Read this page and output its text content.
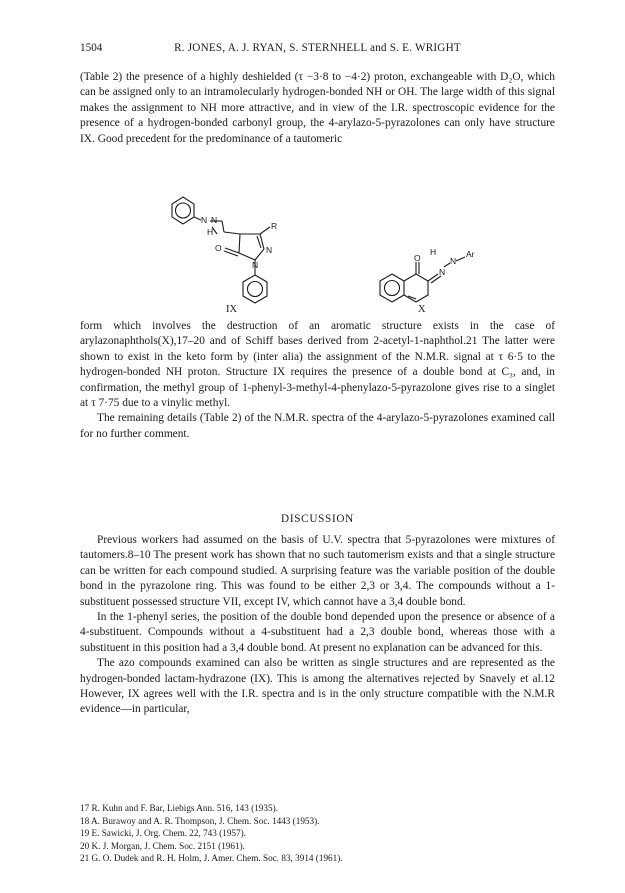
1504	R. JONES, A. J. RYAN, S. STERNHELL and S. E. WRIGHT

(Table 2) the presence of a highly deshielded (τ −3·8 to −4·2) proton, exchangeable with D₂O, which can be assigned only to an intramolecularly hydrogen-bonded NH or OH. The large width of this signal makes the assignment to NH more attractive, and in view of the I.R. spectroscopic evidence for the presence of a hydrogen-bonded carbonyl group, the 4-arylazo-5-pyrazolones can only have structure IX. Good precedent for the predominance of a tautomeric

N N
H
O
R
N
N
IX
O
H
N
Ar
N
X

form which involves the destruction of an aromatic structure exists in the case of arylazonaphthols(X),17–20 and of Schiff bases derived from 2-acetyl-1-naphthol.21 The latter were shown to exist in the keto form by (inter alia) the assignment of the N.M.R. signal at τ 6·5 to the hydrogen-bonded NH proton. Structure IX requires the presence of a double bond at C₃, and, in confirmation, the methyl group of 1-phenyl-3-methyl-4-phenylazo-5-pyrazolone gives rise to a singlet at τ 7·75 due to a vinylic methyl.

The remaining details (Table 2) of the N.M.R. spectra of the 4-arylazo-5-pyrazolones examined call for no further comment.

DISCUSSION

Previous workers had assumed on the basis of U.V. spectra that 5-pyrazolones were mixtures of tautomers.8–10 The present work has shown that no such tautomerism exists and that a single structure can be written for each compound studied. A surprising feature was the variable position of the double bond in the pyrazolone ring. This was found to be either 2,3 or 3,4. The compounds without a 1-substituent possessed structure VII, except IV, which cannot have a 3,4 double bond.

In the 1-phenyl series, the position of the double bond depended upon the presence or absence of a 4-substituent. Compounds without a 4-substituent had a 2,3 double bond, whereas those with a substituent in this position had a 3,4 double bond. At present no explanation can be advanced for this.

The azo compounds examined can also be written as single structures and are represented as the hydrogen-bonded lactam-hydrazone (IX). This is among the alternatives rejected by Snavely et al.12 However, IX agrees well with the I.R. spectra and is in the only structure compatible with the N.M.R evidence—in particular,

17 R. Kuhn and F. Bar, Liebigs Ann. 516, 143 (1935).
18 A. Burawoy and A. R. Thompson, J. Chem. Soc. 1443 (1953).
19 E. Sawicki, J. Org. Chem. 22, 743 (1957).
20 K. J. Morgan, J. Chem. Soc. 2151 (1961).
21 G. O. Dudek and R. H. Holm, J. Amer. Chem. Soc. 83, 3914 (1961).
